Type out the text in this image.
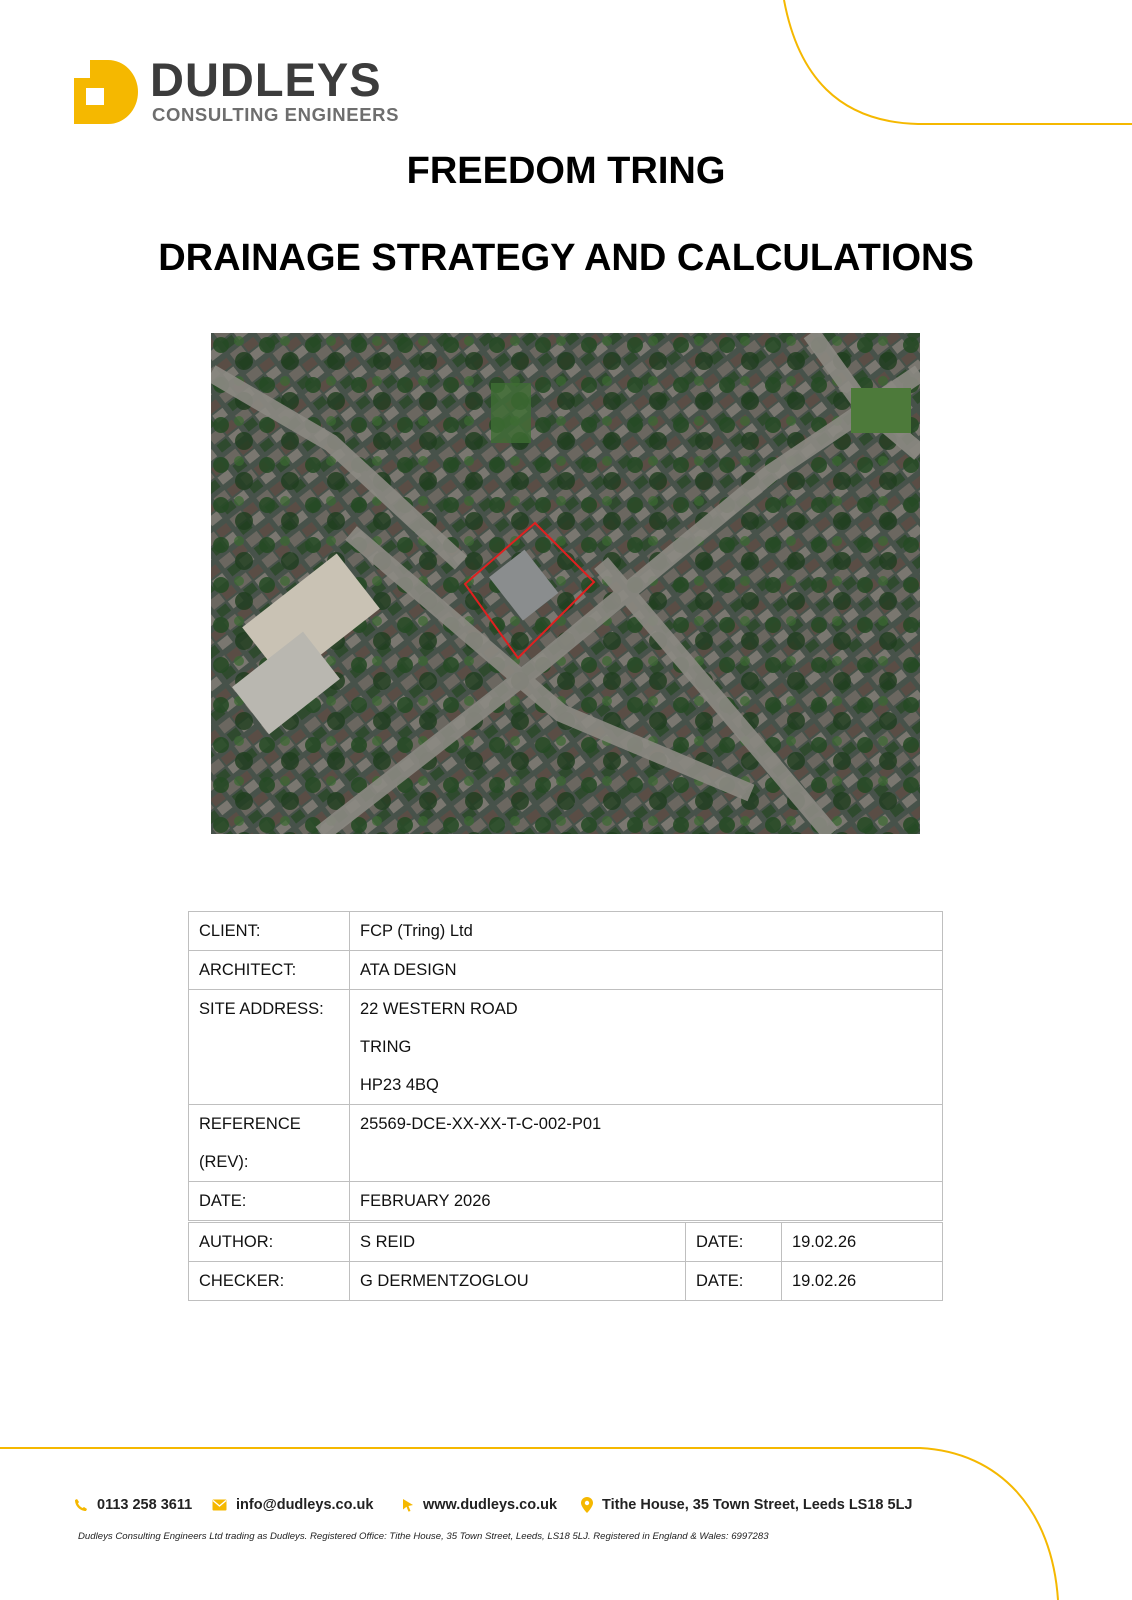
DUDLEYS
CONSULTING ENGINEERS
FREEDOM TRING
DRAINAGE STRATEGY AND CALCULATIONS
CLIENT:	FCP (Tring) Ltd
ARCHITECT:	ATA DESIGN
SITE ADDRESS:	22 WESTERN ROAD
TRING
HP23 4BQ

REFERENCE (REV):	25569-DCE-XX-XX-T-C-002-P01
DATE:	FEBRUARY 2026
AUTHOR:	S REID	DATE:	19.02.26
CHECKER:	G DERMENTZOGLOU	DATE:	19.02.26
0113 258 3611	info@dudleys.co.uk	www.dudleys.co.uk	Tithe House, 35 Town Street, Leeds LS18 5LJ
Dudleys Consulting Engineers Ltd trading as Dudleys. Registered Office: Tithe House, 35 Town Street, Leeds, LS18 5LJ. Registered in England & Wales: 6997283
